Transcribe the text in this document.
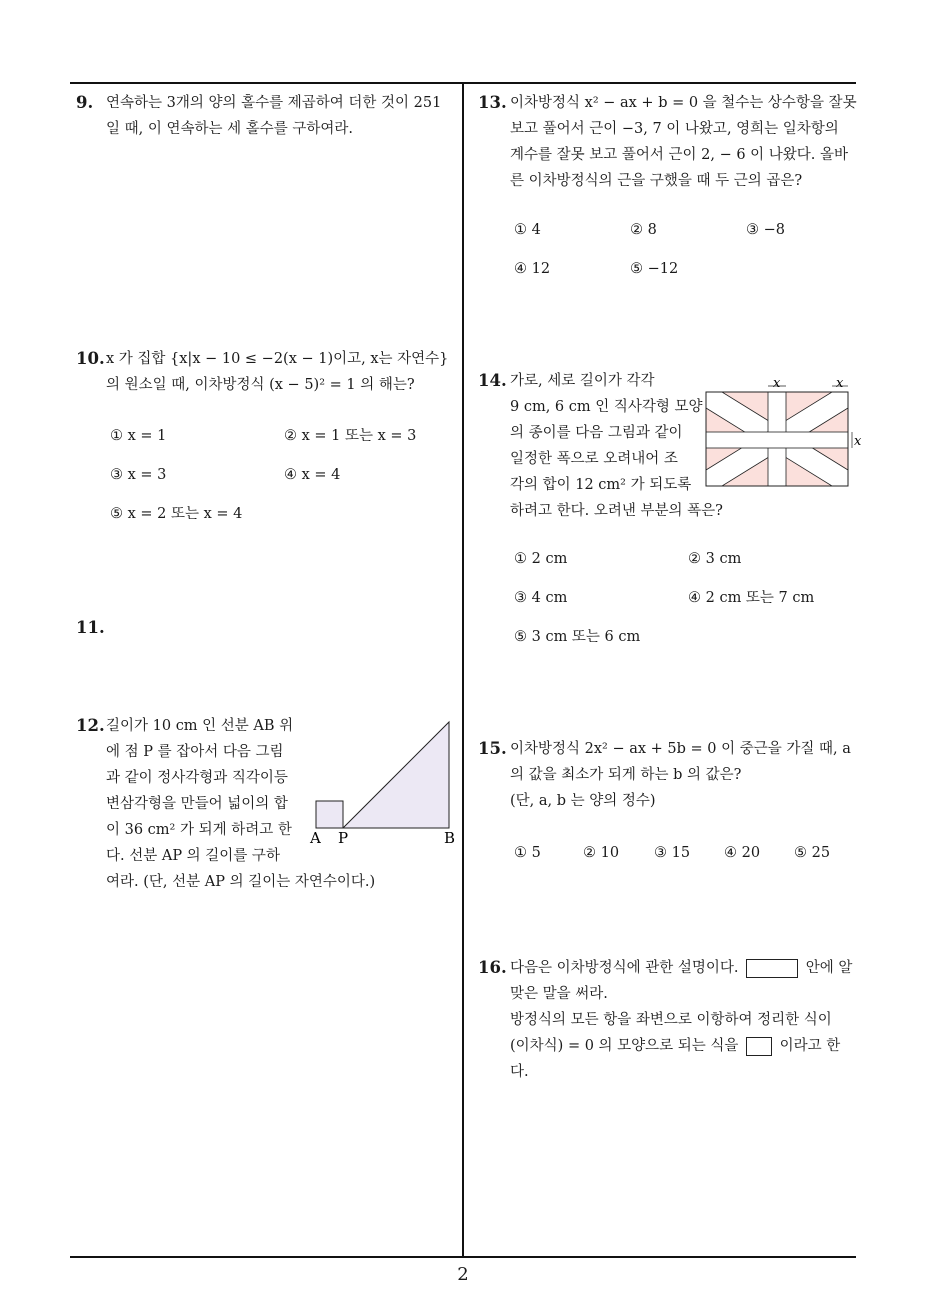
9. 연속하는 3개의 양의 홀수를 제곱하여 더한 것이 251
일 때, 이 연속하는 세 홀수를 구하여라.
10. x 가 집합 {x|x − 10 ≤ −2(x − 1)이고, x는 자연수}
의 원소일 때, 이차방정식 (x − 5)² = 1 의 해는?
① x = 1	② x = 1 또는 x = 3
③ x = 3	④ x = 4
⑤ x = 2 또는 x = 4
11.
12. 길이가 10 cm 인 선분 AB 위
에 점 P 를 잡아서 다음 그림
과 같이 정사각형과 직각이등
변삼각형을 만들어 넓이의 합
이 36 cm² 가 되게 하려고 한
다. 선분 AP 의 길이를 구하
여라. (단, 선분 AP 의 길이는 자연수이다.)
A P	B
13. 이차방정식 x² − ax + b = 0 을 철수는 상수항을 잘못
보고 풀어서 근이 −3, 7 이 나왔고, 영희는 일차항의
계수를 잘못 보고 풀어서 근이 2, − 6 이 나왔다. 올바
른 이차방정식의 근을 구했을 때 두 근의 곱은?
① 4	② 8	③ −8
④ 12	⑤ −12
14. 가로, 세로 길이가 각각
9 cm, 6 cm 인 직사각형 모양
의 종이를 다음 그림과 같이
일정한 폭으로 오려내어 조
각의 합이 12 cm² 가 되도록
하려고 한다. 오려낸 부분의 폭은?
x	x
x
① 2 cm	② 3 cm
③ 4 cm	④ 2 cm 또는 7 cm
⑤ 3 cm 또는 6 cm
15. 이차방정식 2x² − ax + 5b = 0 이 중근을 가질 때, a
의 값을 최소가 되게 하는 b 의 값은?
(단, a, b 는 양의 정수)
① 5	② 10 ③ 15 ④ 20 ⑤ 25
16. 다음은 이차방정식에 관한 설명이다.	안에 알
맞은 말을 써라.
방정식의 모든 항을 좌변으로 이항하여 정리한 식이
(이차식) = 0 의 모양으로 되는 식을	이라고 한
다.
2
